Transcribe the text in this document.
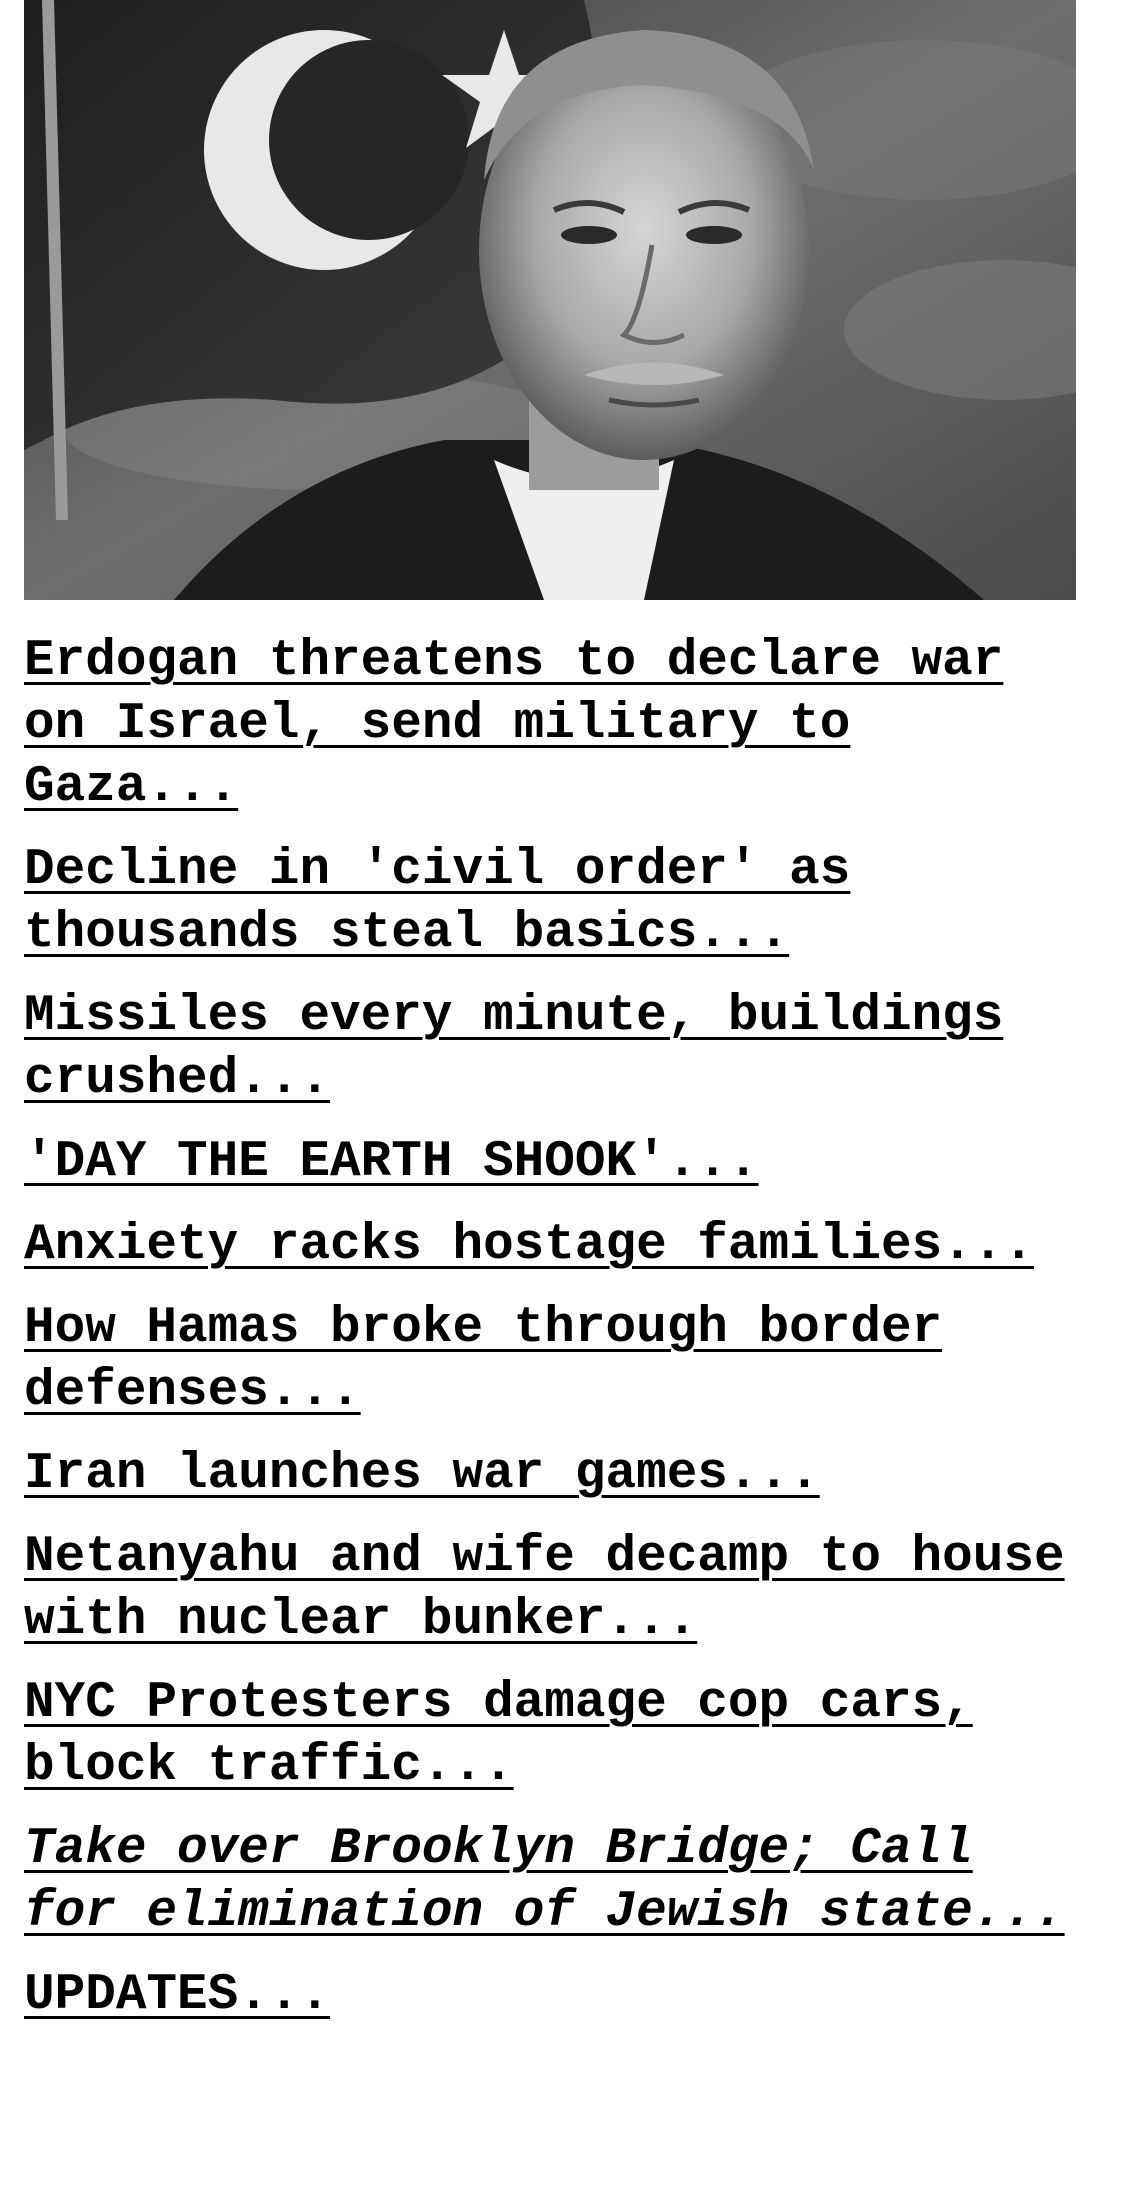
Erdogan threatens to declare war on Israel, send military to Gaza...
Decline in 'civil order' as thousands steal basics...
Missiles every minute, buildings crushed...
'DAY THE EARTH SHOOK'...
Anxiety racks hostage families...
How Hamas broke through border defenses...
Iran launches war games...
Netanyahu and wife decamp to house with nuclear bunker...
NYC Protesters damage cop cars, block traffic...
Take over Brooklyn Bridge; Call for elimination of Jewish state...
UPDATES...
